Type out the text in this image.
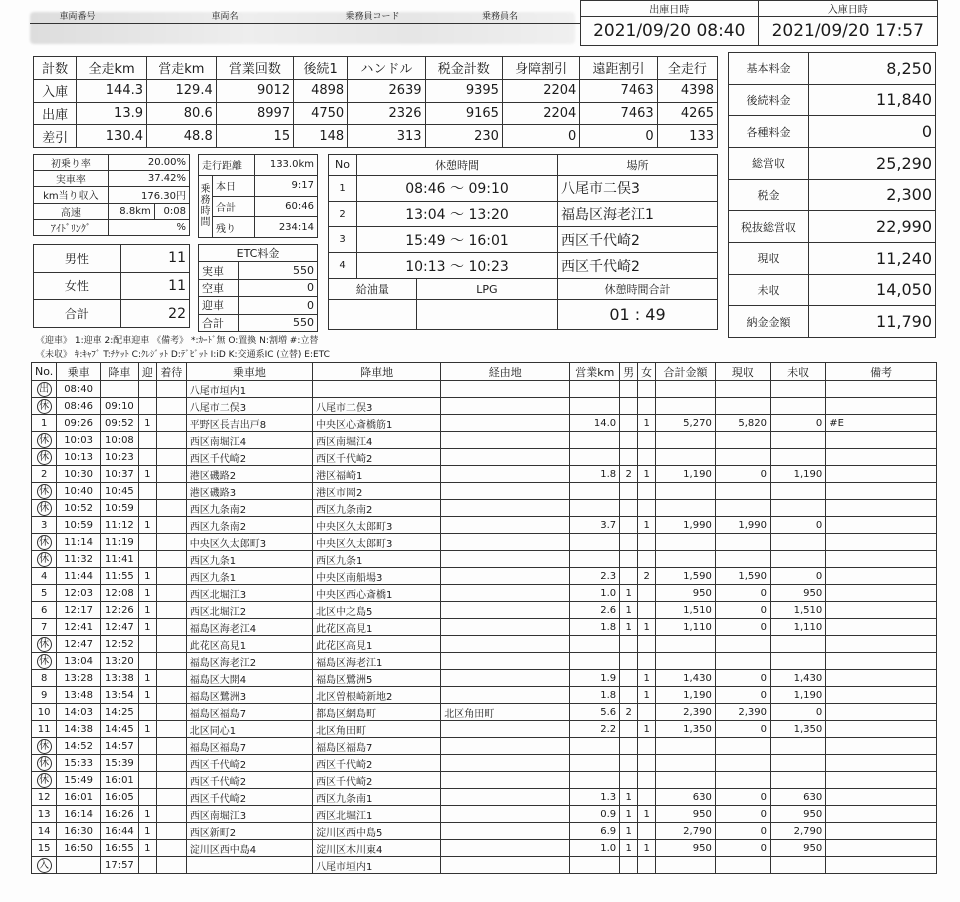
車両番号	車両名	乗務員コード	乗務員名
出庫日時	入庫日時
2021/09/20 08:40	2021/09/20 17:57
計数	全走km	営走km	営業回数	後続1	ハンドル	税金計数	身障割引	遠距割引	全走行
入庫	144.3	129.4	9012	4898	2639	9395	2204	7463	4398
出庫	13.9	80.6	8997	4750	2326	9165	2204	7463	4265
差引	130.4	48.8	15	148	313	230	0	0	133
基本料金	8,250
後続料金	11,840
各種料金	0
総営収	25,290
税金	2,300
税抜総営収	22,990
現収	11,240
未収	14,050
納金金額	11,790
初乗り率	20.00%	
実車率	37.42%	
km当り収入	176.30円	
高速	8.8km	0:08
ｱｲﾄﾞﾘﾝｸﾞ	%	
男性	11
女性	11
合計	22
走行距離		133.0km
乗務時間	本日	9:17
	合計	60:46
	残り	234:14
ETC料金	
実車	550
空車	0
迎車	0
合計	550
No	休憩時間		場所
1	08:46 ～ 09:10		八尾市二俣3
2	13:04 ～ 13:20		福島区海老江1
3	15:49 ～ 16:01		西区千代崎2
4	10:13 ～ 10:23		西区千代崎2
給油量		LPG	休憩時間合計
			01 : 49
《迎車》 1:迎車 2:配車迎車 《備考》 *:ｶｰﾄﾞ無 O:置換 N:割増 #:立替
《未収》 ｷ:ｷｬﾌﾞ T:ﾁｹｯﾄ C:ｸﾚｼﾞｯﾄ D:ﾃﾞﾋﾞｯﾄ I:iD K:交通系IC (立替) E:ETC
No.	乗車	降車	迎	着待	乗車地	降車地	経由地	営業km	男	女	合計金額	現収	未収	備考
出	08:40				八尾市垣内1									
休	08:46	09:10			八尾市二俣3	八尾市二俣3								
1	09:26	09:52	1		平野区長吉出戸8	中央区心斎橋筋1		14.0		1	5,270	5,820	0	#E
休	10:03	10:08			西区南堀江4	西区南堀江4								
休	10:13	10:23			西区千代崎2	西区千代崎2								
2	10:30	10:37	1		港区磯路2	港区福崎1		1.8	2	1	1,190	0	1,190	
休	10:40	10:45			港区磯路3	港区市岡2								
休	10:52	10:59			西区九条南2	西区九条南2								
3	10:59	11:12	1		西区九条南2	中央区久太郎町3		3.7		1	1,990	1,990	0	
休	11:14	11:19			中央区久太郎町3	中央区久太郎町3								
休	11:32	11:41			西区九条1	西区九条1								
4	11:44	11:55	1		西区九条1	中央区南船場3		2.3		2	1,590	1,590	0	
5	12:03	12:08	1		西区北堀江3	中央区西心斎橋1		1.0	1		950	0	950	
6	12:17	12:26	1		西区北堀江2	北区中之島5		2.6	1		1,510	0	1,510	
7	12:41	12:47	1		福島区海老江4	此花区高見1		1.8	1	1	1,110	0	1,110	
休	12:47	12:52			此花区高見1	此花区高見1								
休	13:04	13:20			福島区海老江2	福島区海老江1								
8	13:28	13:38	1		福島区大開4	福島区鷺洲5		1.9		1	1,430	0	1,430	
9	13:48	13:54	1		福島区鷺洲3	北区曽根崎新地2		1.8		1	1,190	0	1,190	
10	14:03	14:25			福島区福島7	都島区網島町	北区角田町	5.6	2		2,390	2,390	0	
11	14:38	14:45	1		北区同心1	北区角田町		2.2		1	1,350	0	1,350	
休	14:52	14:57			福島区福島7	福島区福島7								
休	15:33	15:39			西区千代崎2	西区千代崎2								
休	15:49	16:01			西区千代崎2	西区千代崎2								
12	16:01	16:05			西区千代崎2	西区九条南1		1.3	1		630	0	630	
13	16:14	16:26	1		西区南堀江3	西区北堀江1		0.9	1	1	950	0	950	
14	16:30	16:44	1		西区新町2	淀川区西中島5		6.9	1		2,790	0	2,790	
15	16:50	16:55	1		淀川区西中島4	淀川区木川東4		1.0	1	1	950	0	950	
入		17:57				八尾市垣内1								
